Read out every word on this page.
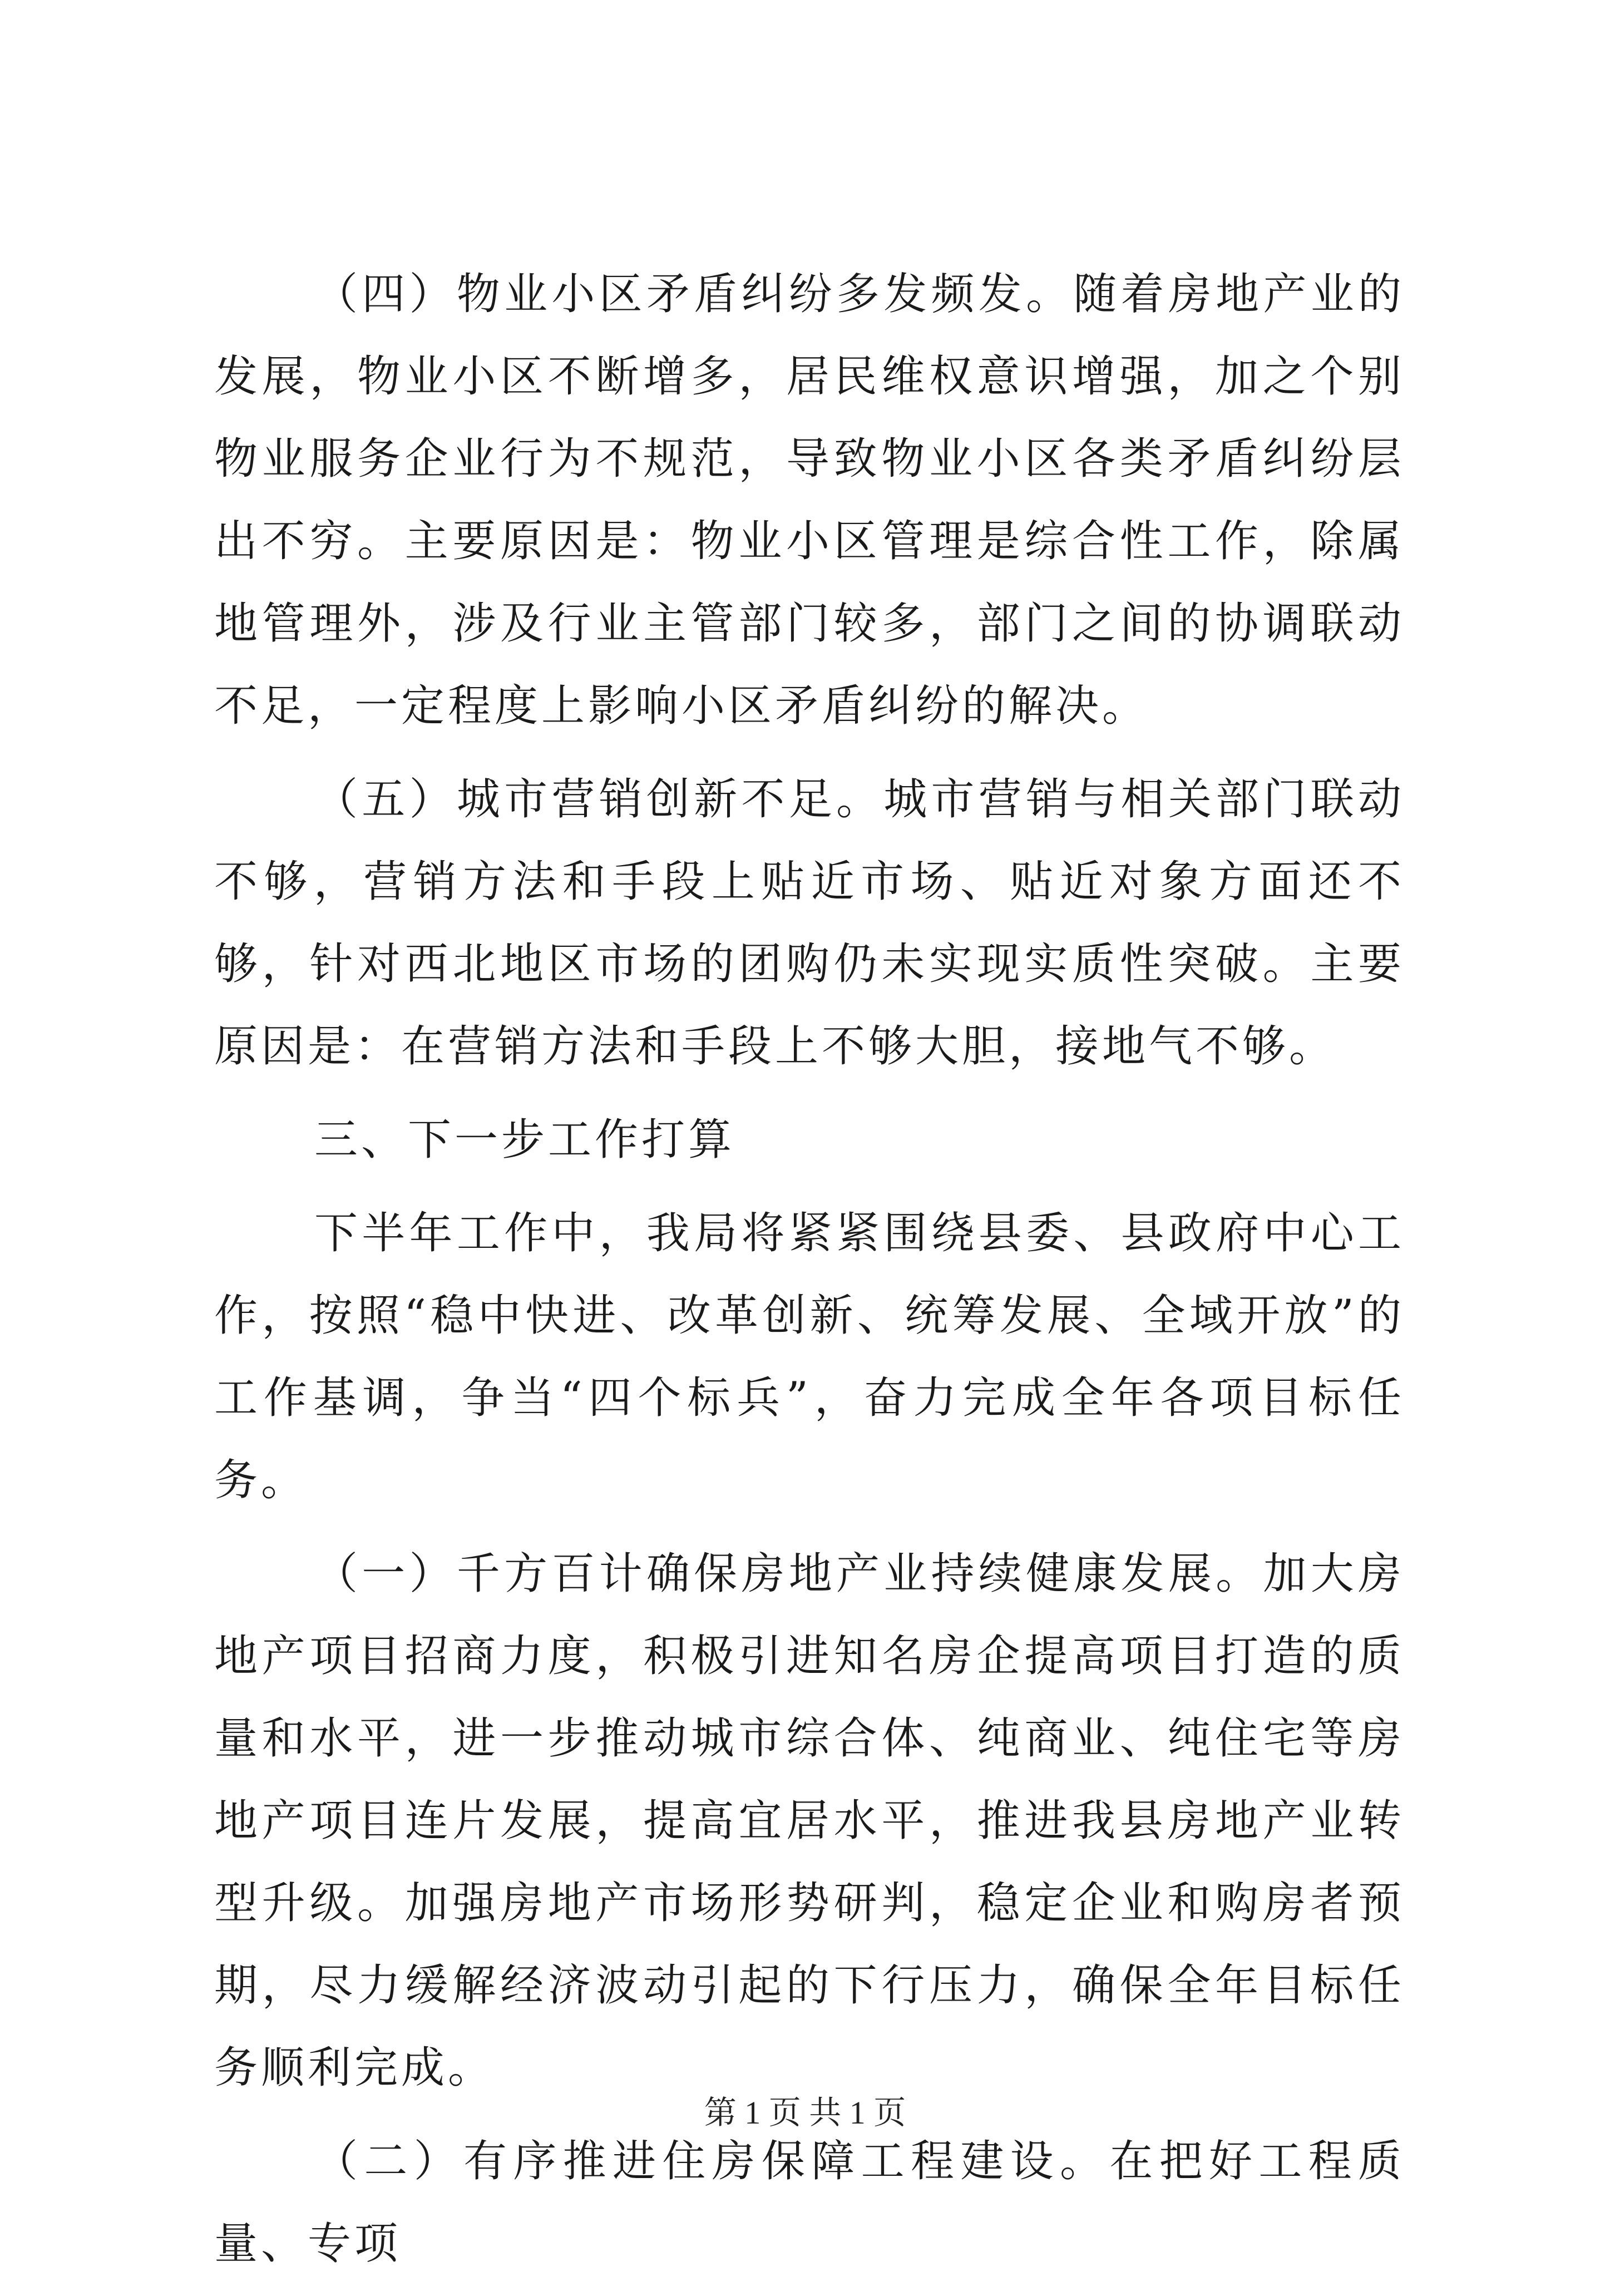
（四）物业小区矛盾纠纷多发频发。随着房地产业的发展，物业小区不断增多，居民维权意识增强，加之个别物业服务企业行为不规范，导致物业小区各类矛盾纠纷层出不穷。主要原因是：物业小区管理是综合性工作，除属地管理外，涉及行业主管部门较多，部门之间的协调联动不足，一定程度上影响小区矛盾纠纷的解决。

（五）城市营销创新不足。城市营销与相关部门联动不够，营销方法和手段上贴近市场、贴近对象方面还不够，针对西北地区市场的团购仍未实现实质性突破。主要原因是：在营销方法和手段上不够大胆，接地气不够。

三、下一步工作打算

下半年工作中，我局将紧紧围绕县委、县政府中心工作，按照“稳中快进、改革创新、统筹发展、全域开放”的工作基调，争当“四个标兵”，奋力完成全年各项目标任务。

（一）千方百计确保房地产业持续健康发展。加大房地产项目招商力度，积极引进知名房企提高项目打造的质量和水平，进一步推动城市综合体、纯商业、纯住宅等房地产项目连片发展，提高宜居水平，推进我县房地产业转型升级。加强房地产市场形势研判，稳定企业和购房者预期，尽力缓解经济波动引起的下行压力，确保全年目标任务顺利完成。

（二）有序推进住房保障工程建设。在把好工程质量、专项

第 1 页 共 1 页
